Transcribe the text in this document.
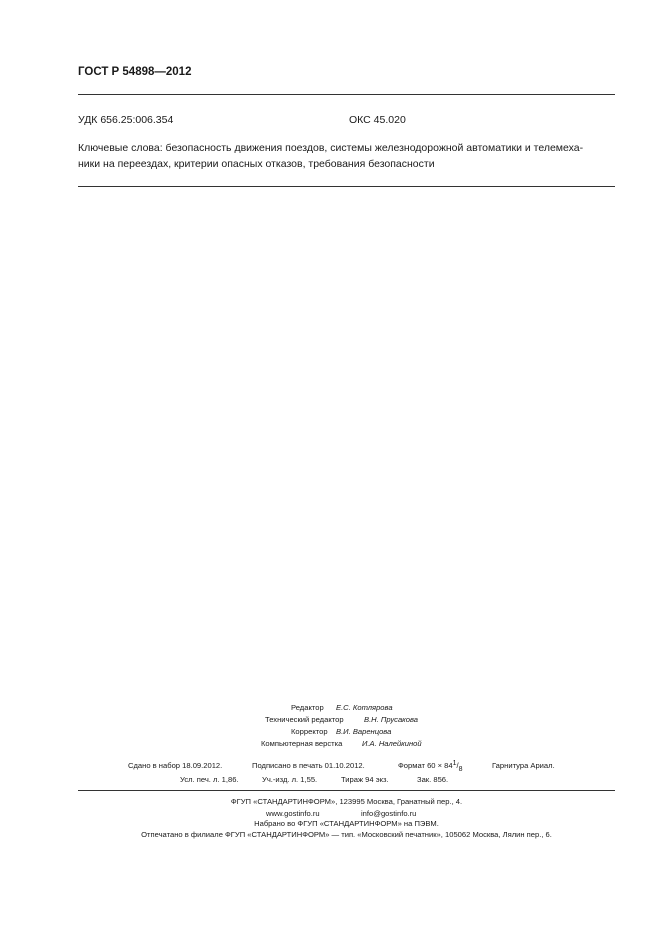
ГОСТ Р 54898—2012
УДК 656.25:006.354	ОКС 45.020
Ключевые слова: безопасность движения поездов, системы железнодорожной автоматики и телемеха-
ники на переездах, критерии опасных отказов, требования безопасности
Редактор Е.С. Котлярова
Технический редактор	В.Н. Прусакова
Корректор В.И. Варенцова
Компьютерная верстка	И.А. Налейкиной
Сдано в набор 18.09.2012.	Подписано в печать 01.10.2012.	Формат 60 × 841/8	Гарнитура Ариал.
Усл. печ. л. 1,86.	Уч.-изд. л. 1,55.	Тираж 94 экз.	Зак. 856.
ФГУП «СТАНДАРТИНФОРМ», 123995 Москва, Гранатный пер., 4.
www.gostinfo.ru	info@gostinfo.ru
Набрано во ФГУП «СТАНДАРТИНФОРМ» на ПЭВМ.
Отпечатано в филиале ФГУП «СТАНДАРТИНФОРМ» — тип. «Московский печатник», 105062 Москва, Лялин пер., 6.
